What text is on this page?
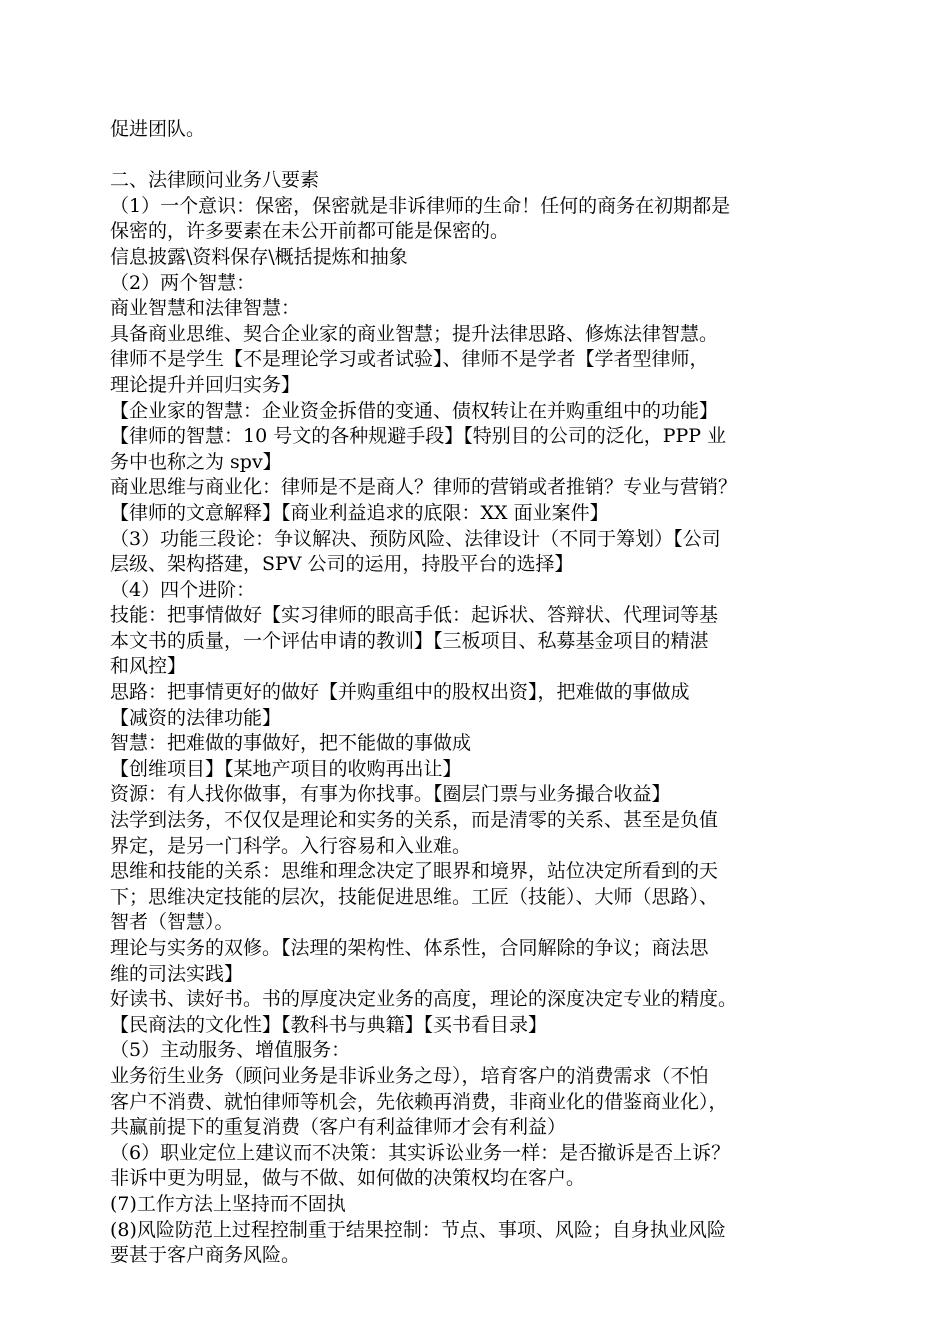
促进团队。
二、法律顾问业务八要素
（1）一个意识：保密，保密就是非诉律师的生命！任何的商务在初期都是
保密的，许多要素在未公开前都可能是保密的。
信息披露\资料保存\概括提炼和抽象
（2）两个智慧：
商业智慧和法律智慧：
具备商业思维、契合企业家的商业智慧；提升法律思路、修炼法律智慧。
律师不是学生【不是理论学习或者试验】、律师不是学者【学者型律师，
理论提升并回归实务】
【企业家的智慧：企业资金拆借的变通、债权转让在并购重组中的功能】
【律师的智慧：10 号文的各种规避手段】【特别目的公司的泛化，PPP 业
务中也称之为 spv】
商业思维与商业化：律师是不是商人？律师的营销或者推销？专业与营销？
【律师的文意解释】【商业利益追求的底限：XX 面业案件】
（3）功能三段论：争议解决、预防风险、法律设计（不同于筹划）【公司
层级、架构搭建，SPV 公司的运用，持股平台的选择】
（4）四个进阶：
技能：把事情做好【实习律师的眼高手低：起诉状、答辩状、代理词等基
本文书的质量，一个评估申请的教训】【三板项目、私募基金项目的精湛
和风控】
思路：把事情更好的做好【并购重组中的股权出资】，把难做的事做成
【减资的法律功能】
智慧：把难做的事做好，把不能做的事做成
【创维项目】【某地产项目的收购再出让】
资源：有人找你做事，有事为你找事。【圈层门票与业务撮合收益】
法学到法务，不仅仅是理论和实务的关系，而是清零的关系、甚至是负值
界定，是另一门科学。入行容易和入业难。
思维和技能的关系：思维和理念决定了眼界和境界，站位决定所看到的天
下；思维决定技能的层次，技能促进思维。工匠（技能）、大师（思路）、
智者（智慧）。
理论与实务的双修。【法理的架构性、体系性，合同解除的争议；商法思
维的司法实践】
好读书、读好书。书的厚度决定业务的高度，理论的深度决定专业的精度。
【民商法的文化性】【教科书与典籍】【买书看目录】
（5）主动服务、增值服务：
业务衍生业务（顾问业务是非诉业务之母），培育客户的消费需求（不怕
客户不消费、就怕律师等机会，先依赖再消费，非商业化的借鉴商业化），
共赢前提下的重复消费（客户有利益律师才会有利益）
（6）职业定位上建议而不决策：其实诉讼业务一样：是否撤诉是否上诉？
非诉中更为明显，做与不做、如何做的决策权均在客户。
(7)工作方法上坚持而不固执
(8)风险防范上过程控制重于结果控制：节点、事项、风险；自身执业风险
要甚于客户商务风险。
